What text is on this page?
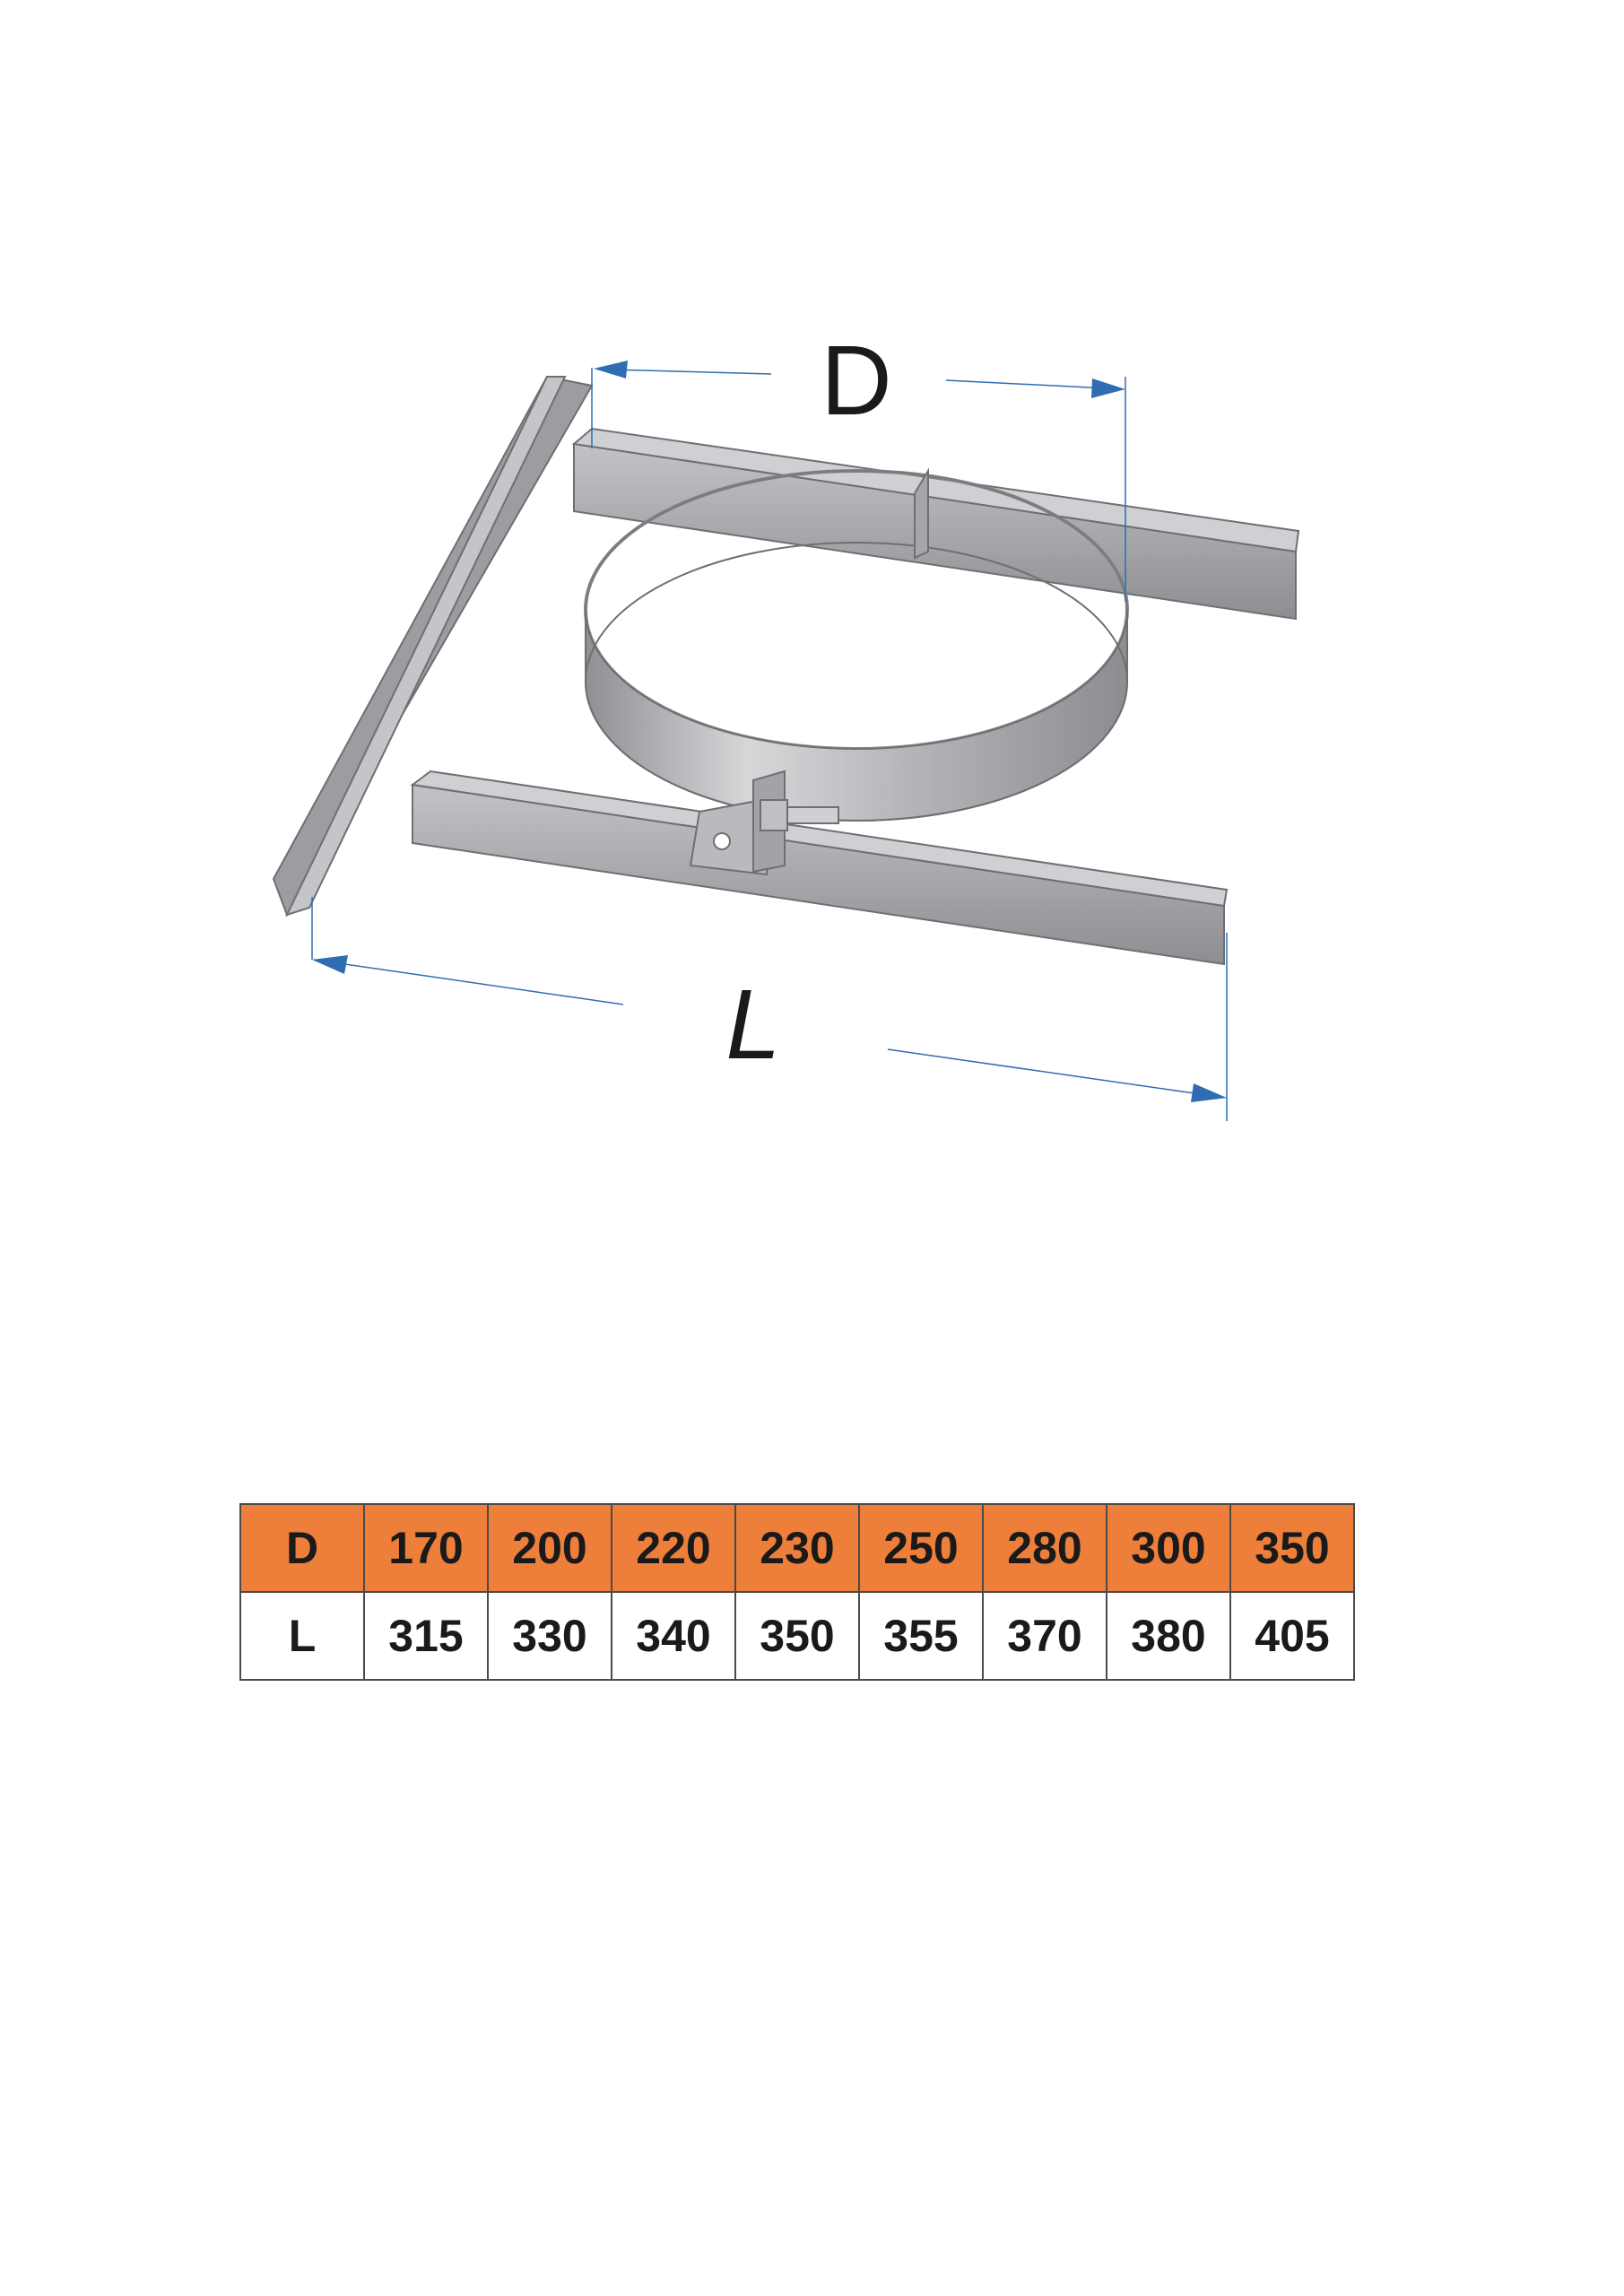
D
L
D	170	200	220	230	250	280	300	350
L	315	330	340	350	355	370	380	405
